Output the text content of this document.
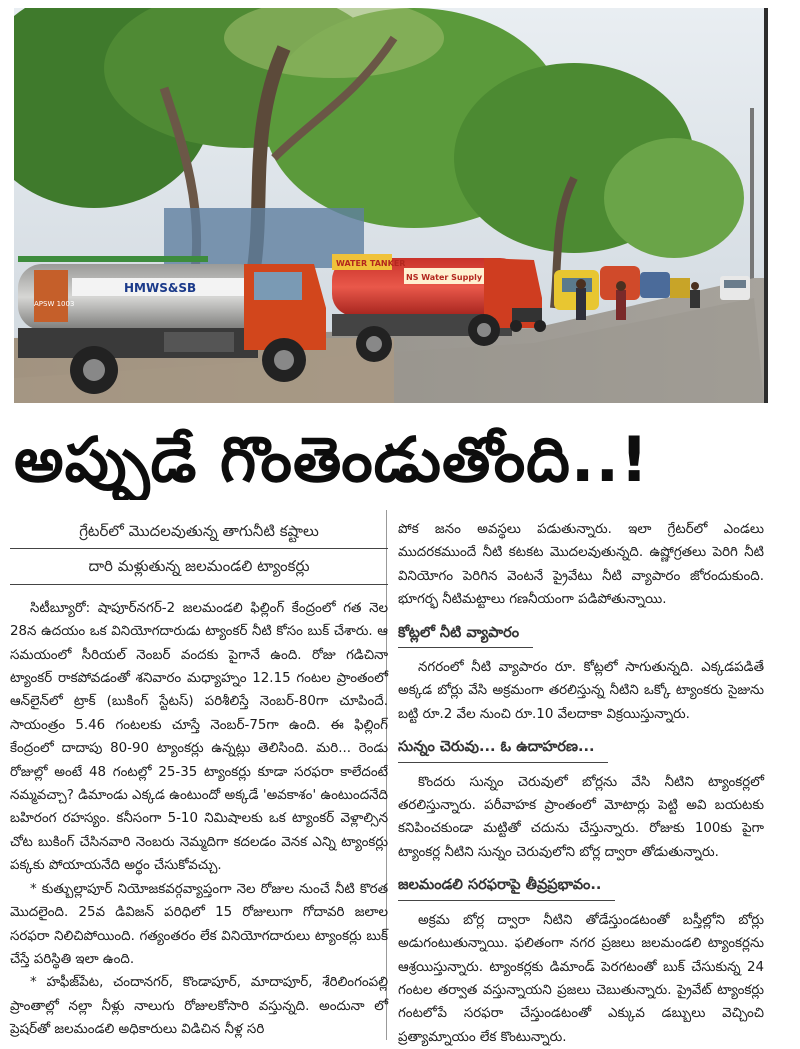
HMWS&SB
APSW 1003
WATER TANKER
NS Water Supply
అప్పుడే గొంతెండుతోంది..!
గ్రేటర్‌లో మొదలవుతున్న తాగునీటి కష్టాలు
దారి మళ్లుతున్న జలమండలి ట్యాంకర్లు

సిటీబ్యూరో: షాపూర్‌నగర్‌-2 జలమండలి ఫిల్లింగ్ కేంద్రంలో గత నెల 28న ఉదయం ఒక వినియోగదారుడు ట్యాంకర్ నీటి కోసం బుక్ చేశారు. ఆ సమయంలో సీరియల్ నెంబర్ వందకు పైగానే ఉంది. రోజు గడిచినా ట్యాంకర్ రాకపోవడంతో శనివారం మధ్యాహ్నం 12.15 గంటల ప్రాంతంలో ఆన్‌లైన్‌లో ట్రాక్ (బుకింగ్ స్టేటస్) పరిశీలిస్తే నెంబర్‌-80గా చూపిందే. సాయంత్రం 5.46 గంటలకు చూస్తే నెంబర్‌-75గా ఉంది. ఈ ఫిల్లింగ్ కేంద్రంలో దాదాపు 80-90 ట్యాంకర్లు ఉన్నట్లు తెలిసింది. మరి... రెండు రోజుల్లో అంటే 48 గంటల్లో 25-35 ట్యాంకర్లు కూడా సరఫరా కాలేదంటే నమ్మవచ్చా? డిమాండు ఎక్కడ ఉంటుందో అక్కడే 'అవకాశం' ఉంటుందనేది బహిరంగ రహస్యం. కనీసంగా 5-10 నిమిషాలకు ఒక ట్యాంకర్ వెళ్లాల్సిన చోట బుకింగ్ చేసినవారి నెంబరు నెమ్మదిగా కదలడం వెనక ఎన్ని ట్యాంకర్లు పక్కకు పోయాయనేది అర్థం చేసుకోవచ్చు.

* కుత్బుల్లాపూర్ నియోజకవర్గవ్యాప్తంగా నెల రోజుల నుంచే నీటి కొరత మొదలైంది. 25వ డివిజన్ పరిధిలో 15 రోజులుగా గోదావరి జలాల సరఫరా నిలిచిపోయింది. గత్యంతరం లేక వినియోగదారులు ట్యాంకర్లు బుక్ చేస్తే పరిస్థితి ఇలా ఉంది.

* హఫీజ్‌పేట, చందానగర్, కొండాపూర్, మాదాపూర్, శేరిలింగంపల్లి ప్రాంతాల్లో నల్లా నీళ్లు నాలుగు రోజులకోసారి వస్తున్నది. అందునా లో ప్రెషర్‌తో జలమండలి అధికారులు విడిచిన నీళ్ల సరి

పోక జనం అవస్థలు పడుతున్నారు. ఇలా గ్రేటర్‌లో ఎండలు ముదరకముందే నీటి కటకట మొదలవుతున్నది. ఉష్ణోగ్రతలు పెరిగి నీటి వినియోగం పెరిగిన వెంటనే ప్రైవేటు నీటి వ్యాపారం జోరందుకుంది. భూగర్భ నీటిమట్టాలు గణనీయంగా పడిపోతున్నాయి.

కోట్లలో నీటి వ్యాపారం

నగరంలో నీటి వ్యాపారం రూ. కోట్లలో సాగుతున్నది. ఎక్కడపడితే అక్కడ బోర్లు వేసి అక్రమంగా తరలిస్తున్న నీటిని ఒక్కో ట్యాంకరు సైజును బట్టి రూ.2 వేల నుంచి రూ.10 వేలదాకా విక్రయిస్తున్నారు.

సున్నం చెరువు... ఓ ఉదాహరణ...

కొందరు సున్నం చెరువులో బోర్లను వేసి నీటిని ట్యాంకర్లలో తరలిస్తున్నారు. పరీవాహక ప్రాంతంలో మోటార్లు పెట్టి అవి బయటకు కనిపించకుండా మట్టితో చదును చేస్తున్నారు. రోజుకు 100కు పైగా ట్యాంకర్ల నీటిని సున్నం చెరువులోని బోర్ల ద్వారా తోడుతున్నారు.

జలమండలి సరఫరాపై తీవ్రప్రభావం..

అక్రమ బోర్ల ద్వారా నీటిని తోడేస్తుండటంతో బస్తీల్లోని బోర్లు అడుగంటుతున్నాయి. ఫలితంగా నగర ప్రజలు జలమండలి ట్యాంకర్లను ఆశ్రయిస్తున్నారు. ట్యాంకర్లకు డిమాండ్ పెరగటంతో బుక్ చేసుకున్న 24 గంటల తర్వాత వస్తున్నాయని ప్రజలు చెబుతున్నారు. ప్రైవేట్ ట్యాంకర్లు గంటలోపే సరఫరా చేస్తుండటంతో ఎక్కువ డబ్బులు వెచ్చించి ప్రత్యామ్నాయం లేక కొంటున్నారు.
